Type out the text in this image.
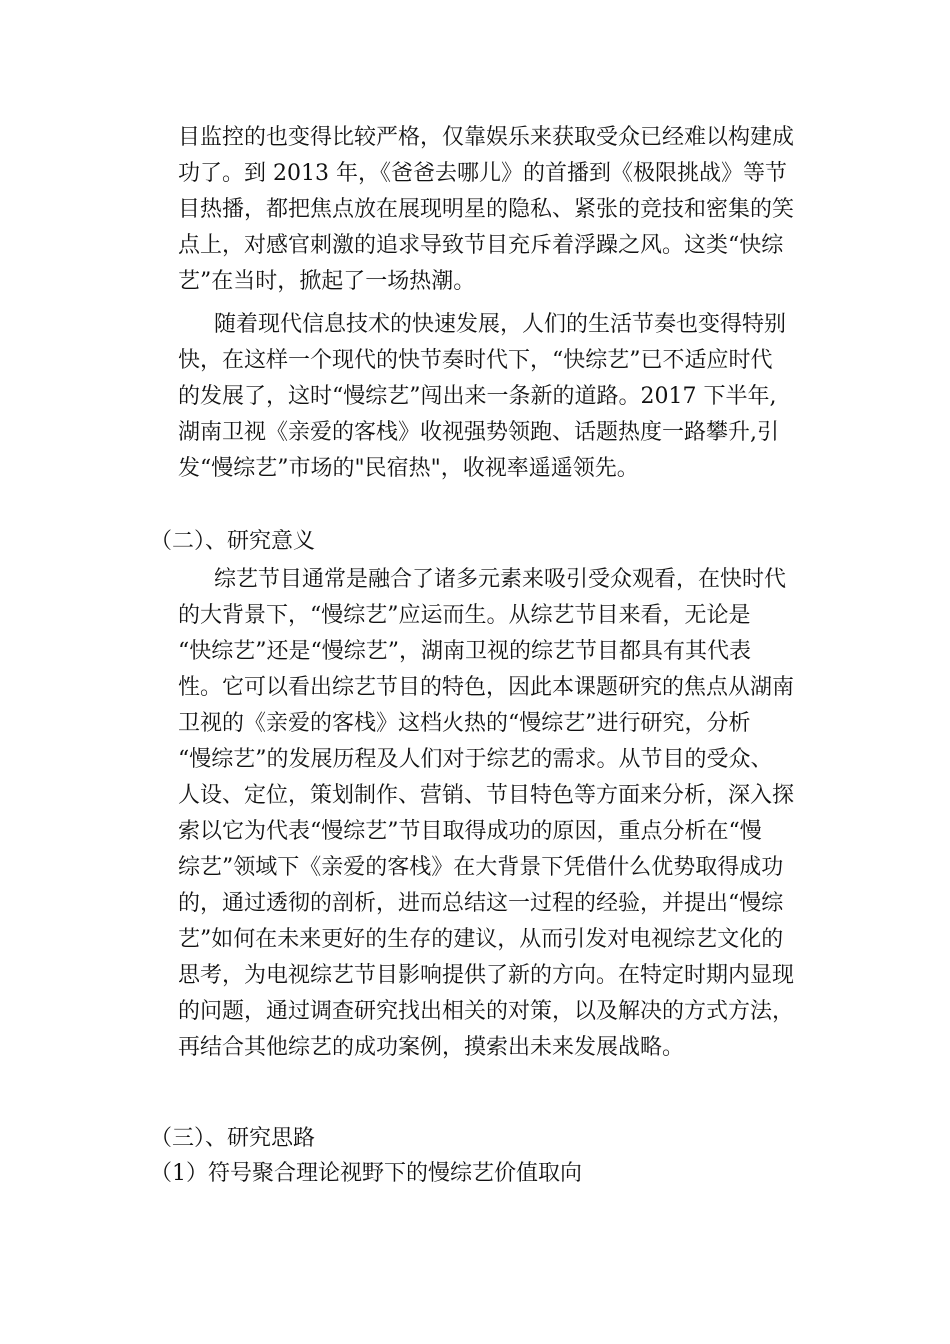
目监控的也变得比较严格，仅靠娱乐来获取受众已经难以构建成
功了。到 2013 年，《爸爸去哪儿》的首播到《极限挑战》等节
目热播，都把焦点放在展现明星的隐私、紧张的竞技和密集的笑
点上，对感官刺激的追求导致节目充斥着浮躁之风。这类“快综
艺”在当时，掀起了一场热潮。
随着现代信息技术的快速发展，人们的生活节奏也变得特别
快，在这样一个现代的快节奏时代下，“快综艺”已不适应时代
的发展了，这时“慢综艺”闯出来一条新的道路。2017 下半年,
湖南卫视《亲爱的客栈》收视强势领跑、话题热度一路攀升,引
发“慢综艺”市场的"民宿热"，收视率遥遥领先。
（二）、研究意义
综艺节目通常是融合了诸多元素来吸引受众观看，在快时代
的大背景下，“慢综艺”应运而生。从综艺节目来看，无论是
“快综艺”还是“慢综艺”，湖南卫视的综艺节目都具有其代表
性。它可以看出综艺节目的特色，因此本课题研究的焦点从湖南
卫视的《亲爱的客栈》这档火热的“慢综艺”进行研究，分析
“慢综艺”的发展历程及人们对于综艺的需求。从节目的受众、
人设、定位，策划制作、营销、节目特色等方面来分析，深入探
索以它为代表“慢综艺”节目取得成功的原因，重点分析在“慢
综艺”领域下《亲爱的客栈》在大背景下凭借什么优势取得成功
的，通过透彻的剖析，进而总结这一过程的经验，并提出“慢综
艺”如何在未来更好的生存的建议，从而引发对电视综艺文化的
思考，为电视综艺节目影响提供了新的方向。在特定时期内显现
的问题，通过调查研究找出相关的对策，以及解决的方式方法，
再结合其他综艺的成功案例，摸索出未来发展战略。
（三）、研究思路
（1）符号聚合理论视野下的慢综艺价值取向
